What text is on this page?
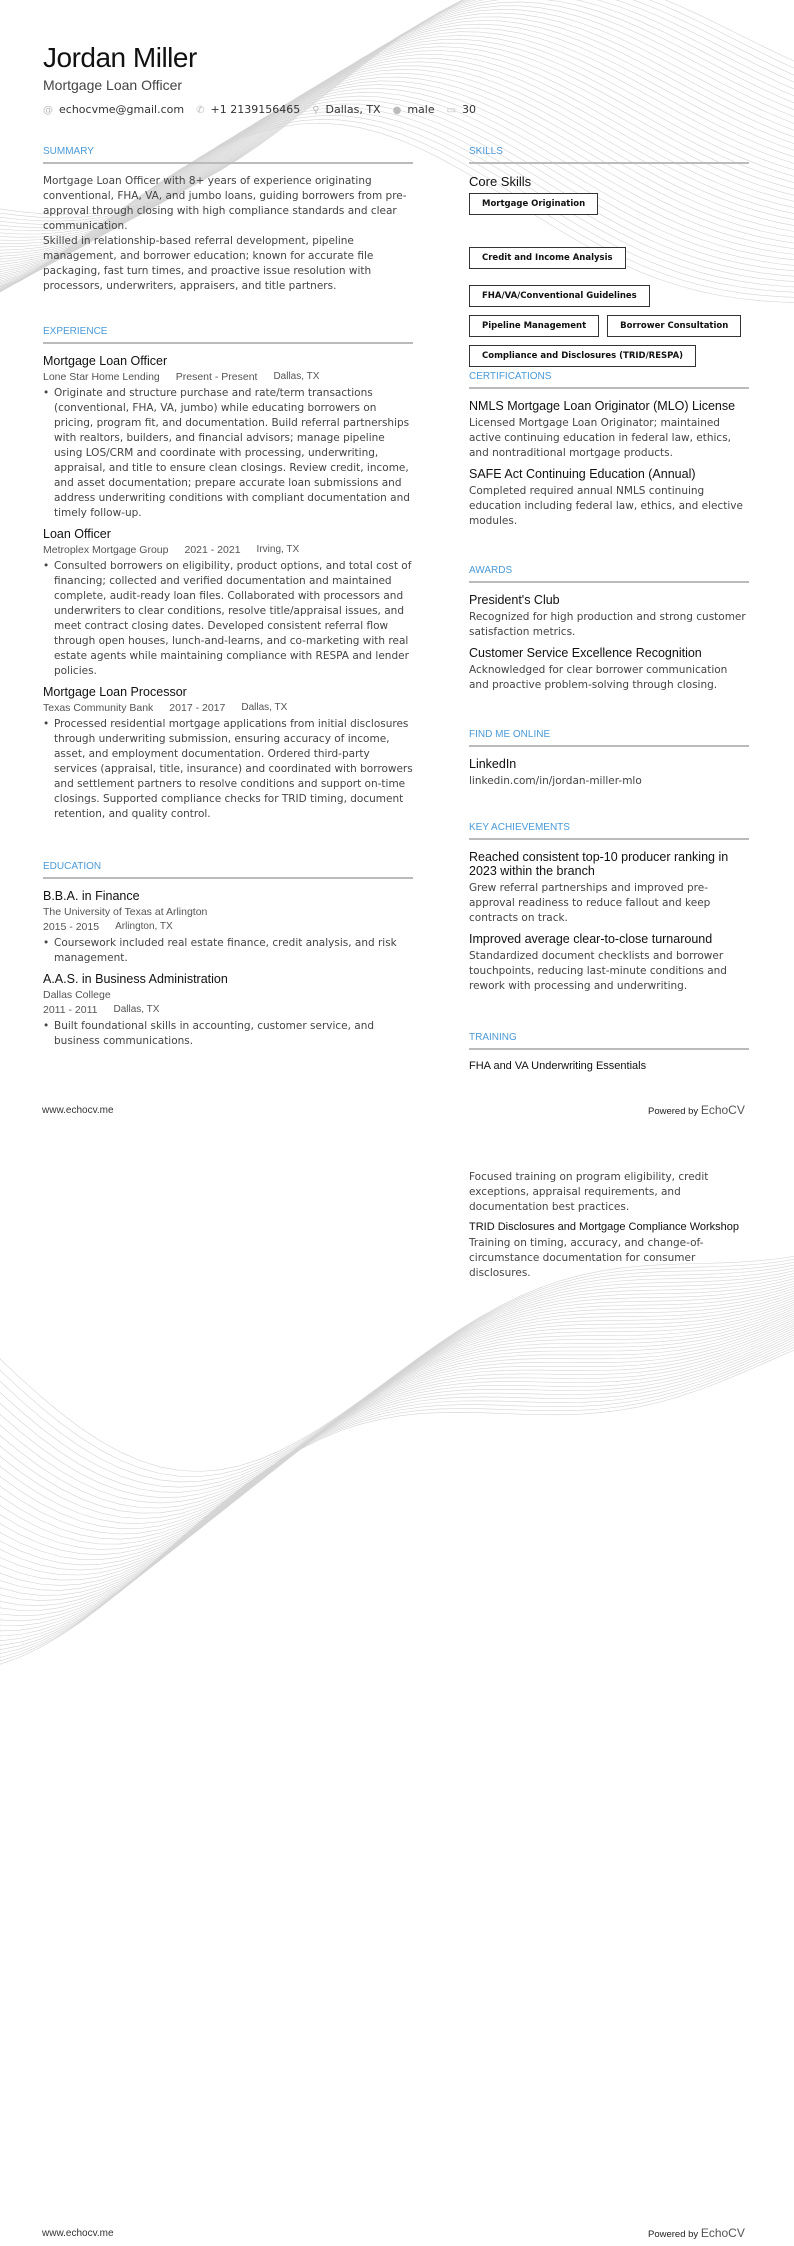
Jordan Miller
Mortgage Loan Officer
@ echocvme@gmail.com ✆ +1 2139156465 ⚲ Dallas, TX ● male ▭ 30
SUMMARY

Mortgage Loan Officer with 8+ years of experience originating conventional, FHA, VA, and jumbo loans, guiding borrowers from pre-approval through closing with high compliance standards and clear communication.

Skilled in relationship-based referral development, pipeline management, and borrower education; known for accurate file packaging, fast turn times, and proactive issue resolution with processors, underwriters, appraisers, and title partners.

EXPERIENCE
Mortgage Loan Officer
Lone Star Home Lending Present - Present Dallas, TX
• Originate and structure purchase and rate/term transactions (conventional, FHA, VA, jumbo) while educating borrowers on pricing, program fit, and documentation. Build referral partnerships with realtors, builders, and financial advisors; manage pipeline using LOS/CRM and coordinate with processing, underwriting, appraisal, and title to ensure clean closings. Review credit, income, and asset documentation; prepare accurate loan submissions and address underwriting conditions with compliant documentation and timely follow-up.
Loan Officer
Metroplex Mortgage Group 2021 - 2021 Irving, TX
• Consulted borrowers on eligibility, product options, and total cost of financing; collected and verified documentation and maintained complete, audit-ready loan files. Collaborated with processors and underwriters to clear conditions, resolve title/appraisal issues, and meet contract closing dates. Developed consistent referral flow through open houses, lunch-and-learns, and co-marketing with real estate agents while maintaining compliance with RESPA and lender policies.
Mortgage Loan Processor
Texas Community Bank 2017 - 2017 Dallas, TX
• Processed residential mortgage applications from initial disclosures through underwriting submission, ensuring accuracy of income, asset, and employment documentation. Ordered third-party services (appraisal, title, insurance) and coordinated with borrowers and settlement partners to resolve conditions and support on-time closings. Supported compliance checks for TRID timing, document retention, and quality control.
EDUCATION
B.B.A. in Finance
The University of Texas at Arlington
2015 - 2015 Arlington, TX
• Coursework included real estate finance, credit analysis, and risk management.
A.A.S. in Business Administration
Dallas College
2011 - 2011 Dallas, TX
• Built foundational skills in accounting, customer service, and business communications.
SKILLS
Core Skills
Mortgage Origination
Credit and Income Analysis
FHA/VA/Conventional Guidelines
Pipeline Management	Borrower Consultation
Compliance and Disclosures (TRID/RESPA)
CERTIFICATIONS
NMLS Mortgage Loan Originator (MLO) License
Licensed Mortgage Loan Originator; maintained active continuing education in federal law, ethics, and nontraditional mortgage products.
SAFE Act Continuing Education (Annual)
Completed required annual NMLS continuing education including federal law, ethics, and elective modules.
AWARDS
President's Club
Recognized for high production and strong customer satisfaction metrics.
Customer Service Excellence Recognition
Acknowledged for clear borrower communication and proactive problem-solving through closing.
FIND ME ONLINE
LinkedIn
linkedin.com/in/jordan-miller-mlo
KEY ACHIEVEMENTS
Reached consistent top-10 producer ranking in 2023 within the branch
Grew referral partnerships and improved pre-approval readiness to reduce fallout and keep contracts on track.
Improved average clear-to-close turnaround
Standardized document checklists and borrower touchpoints, reducing last-minute conditions and rework with processing and underwriting.
TRAINING
FHA and VA Underwriting Essentials
Focused training on program eligibility, credit exceptions, appraisal requirements, and documentation best practices.
TRID Disclosures and Mortgage Compliance Workshop
Training on timing, accuracy, and change-of-circumstance documentation for consumer disclosures.
www.echocv.me	Powered by EchoCV
www.echocv.me	Powered by EchoCV
